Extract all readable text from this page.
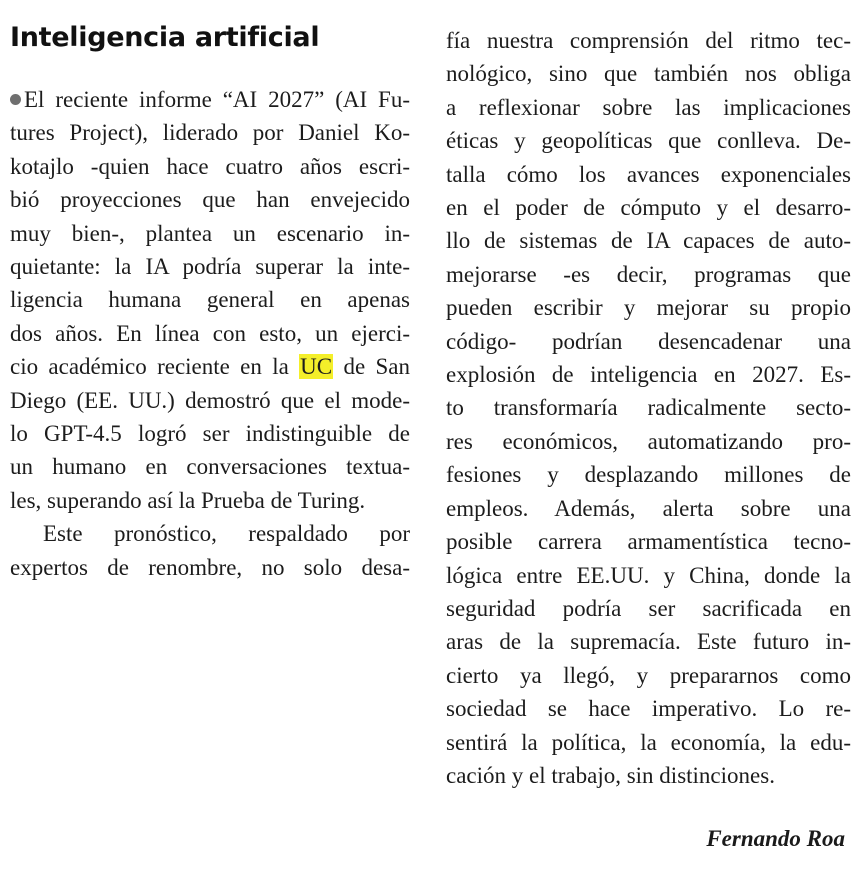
Inteligencia artificial
El reciente informe “AI 2027” (AI Fu-
tures Project), liderado por Daniel Ko-
kotajlo -quien hace cuatro años escri-
bió proyecciones que han envejecido
muy bien-, plantea un escenario in-
quietante: la IA podría superar la inte-
ligencia humana general en apenas
dos años. En línea con esto, un ejerci-
cio académico reciente en la UC de San
Diego (EE. UU.) demostró que el mode-
lo GPT-4.5 logró ser indistinguible de
un humano en conversaciones textua-
les, superando así la Prueba de Turing.
Este pronóstico, respaldado por
expertos de renombre, no solo desa-
fía nuestra comprensión del ritmo tec-
nológico, sino que también nos obliga
a reflexionar sobre las implicaciones
éticas y geopolíticas que conlleva. De-
talla cómo los avances exponenciales
en el poder de cómputo y el desarro-
llo de sistemas de IA capaces de auto-
mejorarse -es decir, programas que
pueden escribir y mejorar su propio
código- podrían desencadenar una
explosión de inteligencia en 2027. Es-
to transformaría radicalmente secto-
res económicos, automatizando pro-
fesiones y desplazando millones de
empleos. Además, alerta sobre una
posible carrera armamentística tecno-
lógica entre EE.UU. y China, donde la
seguridad podría ser sacrificada en
aras de la supremacía. Este futuro in-
cierto ya llegó, y prepararnos como
sociedad se hace imperativo. Lo re-
sentirá la política, la economía, la edu-
cación y el trabajo, sin distinciones.
Fernando Roa
